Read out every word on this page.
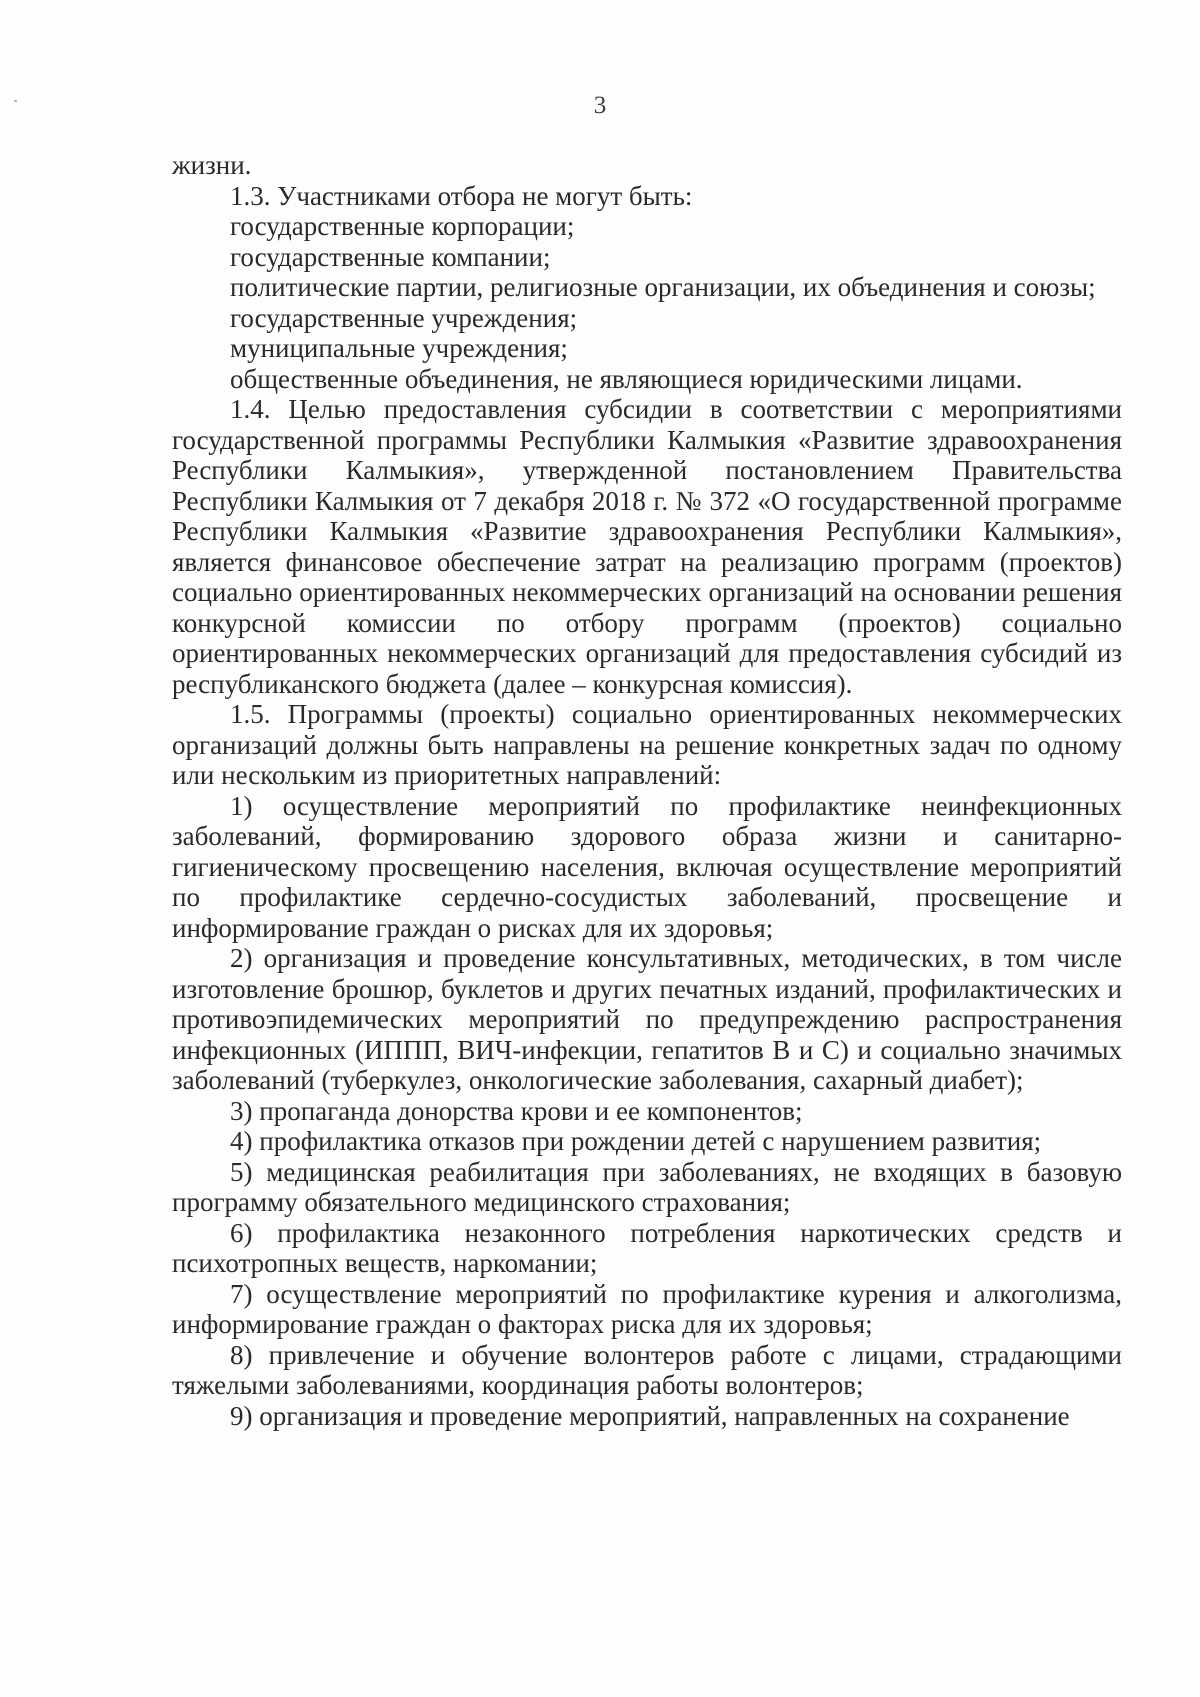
3

жизни.

1.3. Участниками отбора не могут быть:

государственные корпорации;

государственные компании;

политические партии, религиозные организации, их объединения и союзы;

государственные учреждения;

муниципальные учреждения;

общественные объединения, не являющиеся юридическими лицами.

1.4. Целью предоставления субсидии в соответствии с мероприятиями государственной программы Республики Калмыкия «Развитие здравоохранения Республики Калмыкия», утвержденной постановлением Правительства Республики Калмыкия от 7 декабря 2018 г. № 372 «О государственной программе Республики Калмыкия «Развитие здравоохранения Республики Калмыкия», является финансовое обеспечение затрат на реализацию программ (проектов) социально ориентированных некоммерческих организаций на основании решения конкурсной комиссии по отбору программ (проектов) социально ориентированных некоммерческих организаций для предоставления субсидий из республиканского бюджета (далее – конкурсная комиссия).

1.5. Программы (проекты) социально ориентированных некоммерческих организаций должны быть направлены на решение конкретных задач по одному или нескольким из приоритетных направлений:

1) осуществление мероприятий по профилактике неинфекционных заболеваний, формированию здорового образа жизни и санитарно-гигиеническому просвещению населения, включая осуществление мероприятий по профилактике сердечно-сосудистых заболеваний, просвещение и информирование граждан о рисках для их здоровья;

2) организация и проведение консультативных, методических, в том числе изготовление брошюр, буклетов и других печатных изданий, профилактических и противоэпидемических мероприятий по предупреждению распространения инфекционных (ИППП, ВИЧ-инфекции, гепатитов В и С) и социально значимых заболеваний (туберкулез, онкологические заболевания, сахарный диабет);

3) пропаганда донорства крови и ее компонентов;

4) профилактика отказов при рождении детей с нарушением развития;

5) медицинская реабилитация при заболеваниях, не входящих в базовую программу обязательного медицинского страхования;

6) профилактика незаконного потребления наркотических средств и психотропных веществ, наркомании;

7) осуществление мероприятий по профилактике курения и алкоголизма, информирование граждан о факторах риска для их здоровья;

8) привлечение и обучение волонтеров работе с лицами, страдающими тяжелыми заболеваниями, координация работы волонтеров;

9) организация и проведение мероприятий, направленных на сохранение
